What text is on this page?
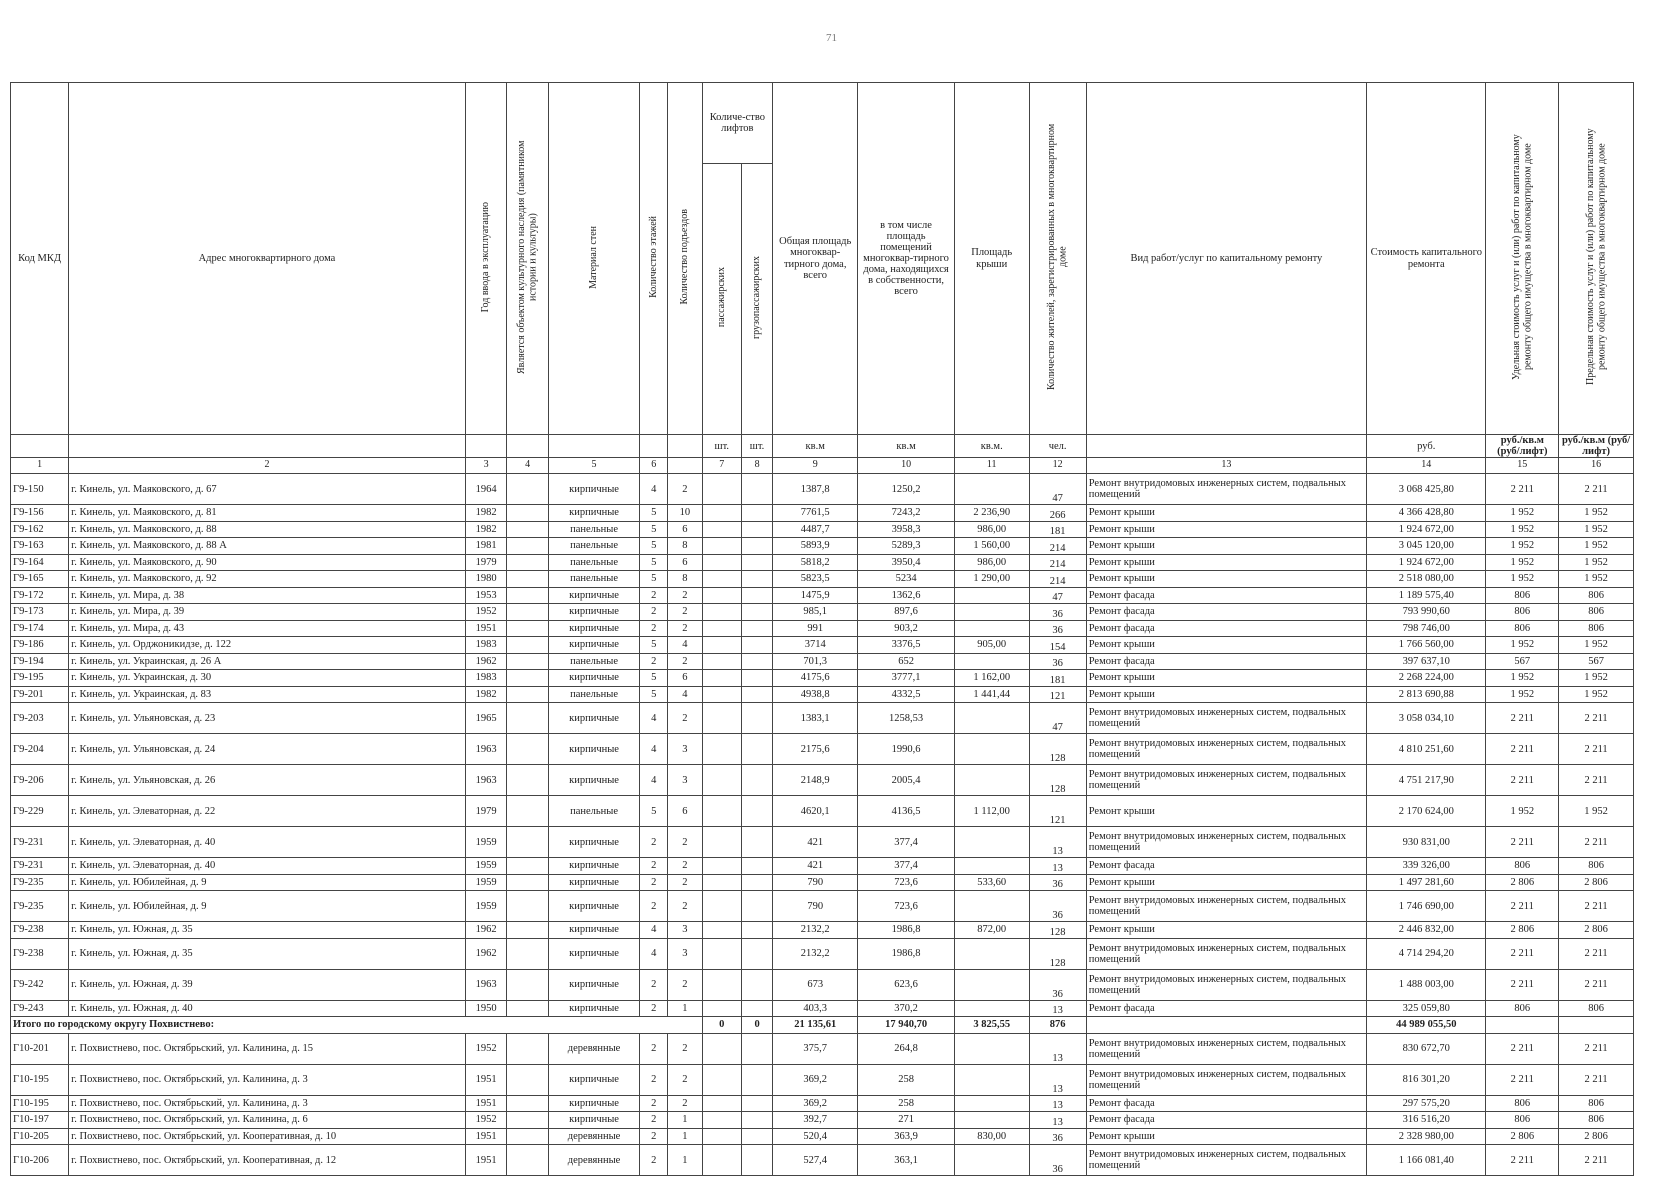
71
Код МКД	Адрес многоквартирного дома	Год ввода в эксплуатацию	Является объектом культурного наследия (памятником истории и культуры)	Материал стен	Количество этажей	Количество подъездов	Количе-ство лифтов		Общая площадь многоквар-тирного дома, всего	в том числе площадь помещений многоквар-тирного дома, находящихся в собственности, всего	Площадь крыши	Количество жителей, зарегистрированных в многоквартирном доме	Вид работ/услуг по капитальному ремонту	Стоимость капитального ремонта	Удельная стоимость услуг и (или) работ по капитальному ремонту общего имущества в многоквартирном доме	Предельная стоимость услуг и (или) работ по капитальному ремонту общего имущества в многоквартирном доме
							пассажирских	грузопассажирских								
							шт.	шт.	кв.м	кв.м	кв.м.	чел.		руб.	руб./кв.м (руб/лифт)	руб./кв.м (руб/лифт)
1	2	3	4	5	6		7	8	9	10	11	12	13	14	15	16
Г9-150	г. Кинель, ул. Маяковского, д. 67	1964		кирпичные	4	2			1387,8	1250,2		47	Ремонт внутридомовых инженерных систем, подвальных помещений	3 068 425,80	2 211	2 211
Г9-156	г. Кинель, ул. Маяковского, д. 81	1982		кирпичные	5	10			7761,5	7243,2	2 236,90	266	Ремонт крыши	4 366 428,80	1 952	1 952
Г9-162	г. Кинель, ул. Маяковского, д. 88	1982		панельные	5	6			4487,7	3958,3	986,00	181	Ремонт крыши	1 924 672,00	1 952	1 952
Г9-163	г. Кинель, ул. Маяковского, д. 88 А	1981		панельные	5	8			5893,9	5289,3	1 560,00	214	Ремонт крыши	3 045 120,00	1 952	1 952
Г9-164	г. Кинель, ул. Маяковского, д. 90	1979		панельные	5	6			5818,2	3950,4	986,00	214	Ремонт крыши	1 924 672,00	1 952	1 952
Г9-165	г. Кинель, ул. Маяковского, д. 92	1980		панельные	5	8			5823,5	5234	1 290,00	214	Ремонт крыши	2 518 080,00	1 952	1 952
Г9-172	г. Кинель, ул. Мира, д. 38	1953		кирпичные	2	2			1475,9	1362,6		47	Ремонт фасада	1 189 575,40	806	806
Г9-173	г. Кинель, ул. Мира, д. 39	1952		кирпичные	2	2			985,1	897,6		36	Ремонт фасада	793 990,60	806	806
Г9-174	г. Кинель, ул. Мира, д. 43	1951		кирпичные	2	2			991	903,2		36	Ремонт фасада	798 746,00	806	806
Г9-186	г. Кинель, ул. Орджоникидзе, д. 122	1983		кирпичные	5	4			3714	3376,5	905,00	154	Ремонт крыши	1 766 560,00	1 952	1 952
Г9-194	г. Кинель, ул. Украинская, д. 26 А	1962		панельные	2	2			701,3	652		36	Ремонт фасада	397 637,10	567	567
Г9-195	г. Кинель, ул. Украинская, д. 30	1983		кирпичные	5	6			4175,6	3777,1	1 162,00	181	Ремонт крыши	2 268 224,00	1 952	1 952
Г9-201	г. Кинель, ул. Украинская, д. 83	1982		панельные	5	4			4938,8	4332,5	1 441,44	121	Ремонт крыши	2 813 690,88	1 952	1 952
Г9-203	г. Кинель, ул. Ульяновская, д. 23	1965		кирпичные	4	2			1383,1	1258,53		47	Ремонт внутридомовых инженерных систем, подвальных помещений	3 058 034,10	2 211	2 211
Г9-204	г. Кинель, ул. Ульяновская, д. 24	1963		кирпичные	4	3			2175,6	1990,6		128	Ремонт внутридомовых инженерных систем, подвальных помещений	4 810 251,60	2 211	2 211
Г9-206	г. Кинель, ул. Ульяновская, д. 26	1963		кирпичные	4	3			2148,9	2005,4		128	Ремонт внутридомовых инженерных систем, подвальных помещений	4 751 217,90	2 211	2 211
Г9-229	г. Кинель, ул. Элеваторная, д. 22	1979		панельные	5	6			4620,1	4136,5	1 112,00	121	Ремонт крыши	2 170 624,00	1 952	1 952
Г9-231	г. Кинель, ул. Элеваторная, д. 40	1959		кирпичные	2	2			421	377,4		13	Ремонт внутридомовых инженерных систем, подвальных помещений	930 831,00	2 211	2 211
Г9-231	г. Кинель, ул. Элеваторная, д. 40	1959		кирпичные	2	2			421	377,4		13	Ремонт фасада	339 326,00	806	806
Г9-235	г. Кинель, ул. Юбилейная, д. 9	1959		кирпичные	2	2			790	723,6	533,60	36	Ремонт крыши	1 497 281,60	2 806	2 806
Г9-235	г. Кинель, ул. Юбилейная, д. 9	1959		кирпичные	2	2			790	723,6		36	Ремонт внутридомовых инженерных систем, подвальных помещений	1 746 690,00	2 211	2 211
Г9-238	г. Кинель, ул. Южная, д. 35	1962		кирпичные	4	3			2132,2	1986,8	872,00	128	Ремонт крыши	2 446 832,00	2 806	2 806
Г9-238	г. Кинель, ул. Южная, д. 35	1962		кирпичные	4	3			2132,2	1986,8		128	Ремонт внутридомовых инженерных систем, подвальных помещений	4 714 294,20	2 211	2 211
Г9-242	г. Кинель, ул. Южная, д. 39	1963		кирпичные	2	2			673	623,6		36	Ремонт внутридомовых инженерных систем, подвальных помещений	1 488 003,00	2 211	2 211
Г9-243	г. Кинель, ул. Южная, д. 40	1950		кирпичные	2	1			403,3	370,2		13	Ремонт фасада	325 059,80	806	806
Итого по городскому округу Похвистнево:							0	0	21 135,61	17 940,70	3 825,55	876		44 989 055,50		
Г10-201	г. Похвистнево, пос. Октябрьский, ул. Калинина, д. 15	1952		деревянные	2	2			375,7	264,8		13	Ремонт внутридомовых инженерных систем, подвальных помещений	830 672,70	2 211	2 211
Г10-195	г. Похвистнево, пос. Октябрьский, ул. Калинина, д. 3	1951		кирпичные	2	2			369,2	258		13	Ремонт внутридомовых инженерных систем, подвальных помещений	816 301,20	2 211	2 211
Г10-195	г. Похвистнево, пос. Октябрьский, ул. Калинина, д. 3	1951		кирпичные	2	2			369,2	258		13	Ремонт фасада	297 575,20	806	806
Г10-197	г. Похвистнево, пос. Октябрьский, ул. Калинина, д. 6	1952		кирпичные	2	1			392,7	271		13	Ремонт фасада	316 516,20	806	806
Г10-205	г. Похвистнево, пос. Октябрьский, ул. Кооперативная, д. 10	1951		деревянные	2	1			520,4	363,9	830,00	36	Ремонт крыши	2 328 980,00	2 806	2 806
Г10-206	г. Похвистнево, пос. Октябрьский, ул. Кооперативная, д. 12	1951		деревянные	2	1			527,4	363,1		36	Ремонт внутридомовых инженерных систем, подвальных помещений	1 166 081,40	2 211	2 211
